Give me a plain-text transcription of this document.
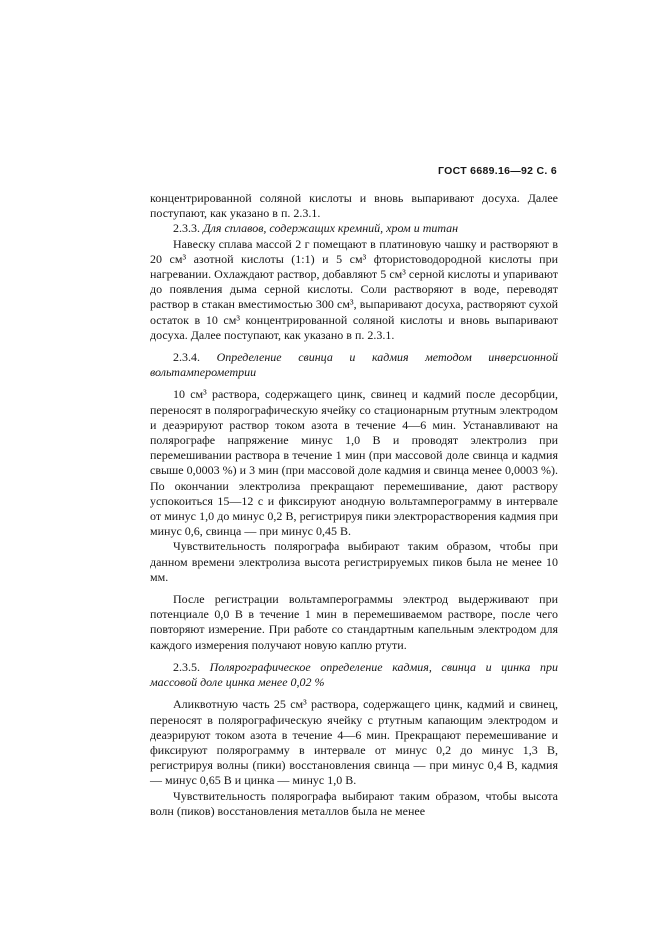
ГОСТ 6689.16—92 С. 6

концентрированной соляной кислоты и вновь выпаривают досуха. Далее поступают, как указано в п. 2.3.1.

2.3.3. Для сплавов, содержащих кремний, хром и титан

Навеску сплава массой 2 г помещают в платиновую чашку и растворяют в 20 см³ азотной кислоты (1:1) и 5 см³ фтористоводородной кислоты при нагревании. Охлаждают раствор, добавляют 5 см³ серной кислоты и упаривают до появления дыма серной кислоты. Соли растворяют в воде, переводят раствор в стакан вместимостью 300 см³, выпаривают досуха, растворяют сухой остаток в 10 см³ концентрированной соляной кислоты и вновь выпаривают досуха. Далее поступают, как указано в п. 2.3.1.

2.3.4. Определение свинца и кадмия методом инверсионной вольтамперометрии

10 см³ раствора, содержащего цинк, свинец и кадмий после десорбции, переносят в полярографическую ячейку со стационарным ртутным электродом и деаэрируют раствор током азота в течение 4—6 мин. Устанавливают на полярографе напряжение минус 1,0 В и проводят электролиз при перемешивании раствора в течение 1 мин (при массовой доле свинца и кадмия свыше 0,0003 %) и 3 мин (при массовой доле кадмия и свинца менее 0,0003 %). По окончании электролиза прекращают перемешивание, дают раствору успокоиться 15—12 с и фиксируют анодную вольтамперограмму в интервале от минус 1,0 до минус 0,2 В, регистрируя пики электрорастворения кадмия при минус 0,6, свинца — при минус 0,45 В.

Чувствительность полярографа выбирают таким образом, чтобы при данном времени электролиза высота регистрируемых пиков была не менее 10 мм.

После регистрации вольтамперограммы электрод выдерживают при потенциале 0,0 В в течение 1 мин в перемешиваемом растворе, после чего повторяют измерение. При работе со стандартным капельным электродом для каждого измерения получают новую каплю ртути.

2.3.5. Полярографическое определение кадмия, свинца и цинка при массовой доле цинка менее 0,02 %

Аликвотную часть 25 см³ раствора, содержащего цинк, кадмий и свинец, переносят в полярографическую ячейку с ртутным капающим электродом и деаэрируют током азота в течение 4—6 мин. Прекращают перемешивание и фиксируют полярограмму в интервале от минус 0,2 до минус 1,3 В, регистрируя волны (пики) восстановления свинца — при минус 0,4 В, кадмия — минус 0,65 В и цинка — минус 1,0 В.

Чувствительность полярографа выбирают таким образом, чтобы высота волн (пиков) восстановления металлов была не менее
